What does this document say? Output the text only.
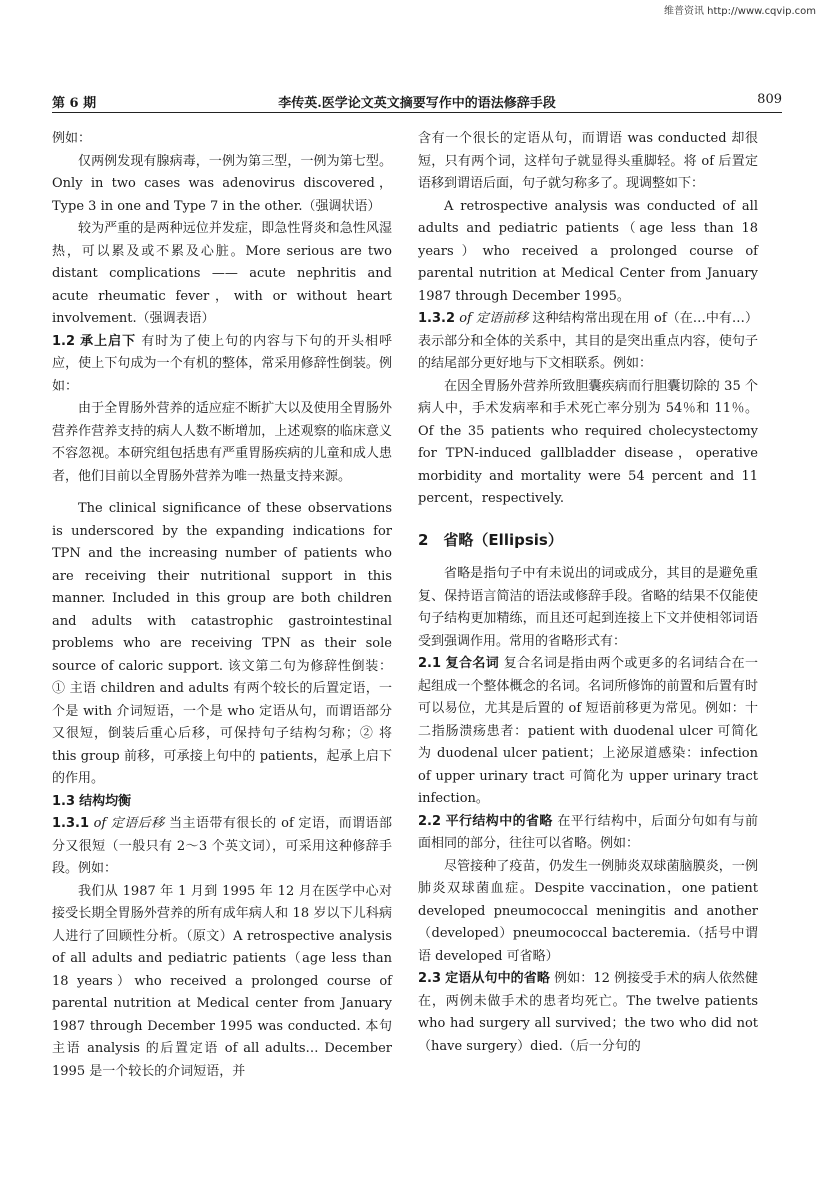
维普资讯 http://www.cqvip.com
第 6 期	李传英.医学论文英文摘要写作中的语法修辞手段	809

例如：

仅两例发现有腺病毒，一例为第三型，一例为第七型。Only in two cases was adenovirus discovered，Type 3 in one and Type 7 in the other.（强调状语）

较为严重的是两种远位并发症，即急性肾炎和急性风湿热，可以累及或不累及心脏。More serious are two distant complications —— acute nephritis and acute rheumatic fever，with or without heart involvement.（强调表语）

1.2 承上启下 有时为了使上句的内容与下句的开头相呼应，使上下句成为一个有机的整体，常采用修辞性倒装。例如：

由于全胃肠外营养的适应症不断扩大以及使用全胃肠外营养作营养支持的病人人数不断增加，上述观察的临床意义不容忽视。本研究组包括患有严重胃肠疾病的儿童和成人患者，他们目前以全胃肠外营养为唯一热量支持来源。

The clinical significance of these observations is underscored by the expanding indications for TPN and the increasing number of patients who are receiving their nutritional support in this manner. Included in this group are both children and adults with catastrophic gastrointestinal problems who are receiving TPN as their sole source of caloric support. 该文第二句为修辞性倒装：① 主语 children and adults 有两个较长的后置定语，一个是 with 介词短语，一个是 who 定语从句，而谓语部分又很短，倒装后重心后移，可保持句子结构匀称；② 将 this group 前移，可承接上句中的 patients，起承上启下的作用。

1.3 结构均衡

1.3.1 of 定语后移 当主语带有很长的 of 定语，而谓语部分又很短（一般只有 2～3 个英文词），可采用这种修辞手段。例如：

我们从 1987 年 1 月到 1995 年 12 月在医学中心对接受长期全胃肠外营养的所有成年病人和 18 岁以下儿科病人进行了回顾性分析。（原文）A retrospective analysis of all adults and pediatric patients（age less than 18 years）who received a prolonged course of parental nutrition at Medical center from January 1987 through December 1995 was conducted. 本句主语 analysis 的后置定语 of all adults… December 1995 是一个较长的介词短语，并

含有一个很长的定语从句，而谓语 was conducted 却很短，只有两个词，这样句子就显得头重脚轻。将 of 后置定语移到谓语后面，句子就匀称多了。现调整如下：

A retrospective analysis was conducted of all adults and pediatric patients（age less than 18 years）who received a prolonged course of parental nutrition at Medical Center from January 1987 through December 1995。

1.3.2 of 定语前移 这种结构常出现在用 of（在…中有…）表示部分和全体的关系中，其目的是突出重点内容，使句子的结尾部分更好地与下文相联系。例如：

在因全胃肠外营养所致胆囊疾病而行胆囊切除的 35 个病人中，手术发病率和手术死亡率分别为 54％和 11％。Of the 35 patients who required cholecystectomy for TPN-induced gallbladder disease，operative morbidity and mortality were 54 percent and 11 percent，respectively.

2　省略（Ellipsis）

省略是指句子中有未说出的词或成分，其目的是避免重复、保持语言简洁的语法或修辞手段。省略的结果不仅能使句子结构更加精练，而且还可起到连接上下文并使相邻词语受到强调作用。常用的省略形式有：

2.1 复合名词 复合名词是指由两个或更多的名词结合在一起组成一个整体概念的名词。名词所修饰的前置和后置有时可以易位，尤其是后置的 of 短语前移更为常见。例如：十二指肠溃疡患者：patient with duodenal ulcer 可简化为 duodenal ulcer patient；上泌尿道感染：infection of upper urinary tract 可简化为 upper urinary tract infection。

2.2 平行结构中的省略 在平行结构中，后面分句如有与前面相同的部分，往往可以省略。例如：

尽管接种了疫苗，仍发生一例肺炎双球菌脑膜炎，一例肺炎双球菌血症。Despite vaccination，one patient developed pneumococcal meningitis and another（developed）pneumococcal bacteremia.（括号中谓语 developed 可省略）

2.3 定语从句中的省略 例如：12 例接受手术的病人依然健在，两例未做手术的患者均死亡。The twelve patients who had surgery all survived；the two who did not（have surgery）died.（后一分句的
